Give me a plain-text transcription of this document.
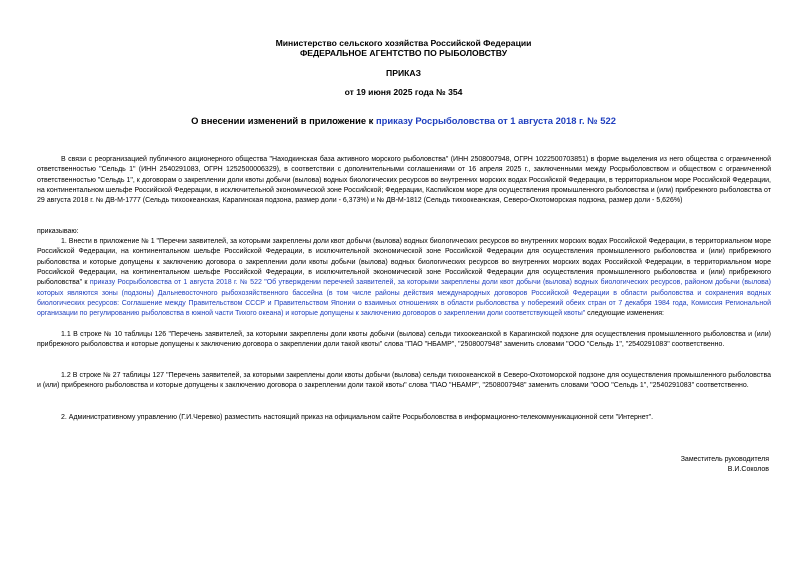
Министерство сельского хозяйства Российской Федерации
ФЕДЕРАЛЬНОЕ АГЕНТСТВО ПО РЫБОЛОВСТВУ
ПРИКАЗ
от 19 июня 2025 года № 354
О внесении изменений в приложение к приказу Росрыболовства от 1 августа 2018 г. № 522
В связи с реорганизацией публичного акционерного общества "Находкинская база активного морского рыболовства" (ИНН 2508007948, ОГРН 1022500703851) в форме выделения из него общества с ограниченной ответственностью "Сельдь 1" (ИНН 2540291083, ОГРН 1252500006329), в соответствии с дополнительными соглашениями от 16 апреля 2025 г., заключенными между Росрыболовством и обществом с ограниченной ответственностью "Сельдь 1", к договорам о закреплении доли квоты добычи (вылова) водных биологических ресурсов во внутренних морских водах Российской Федерации, в территориальном море Российской Федерации, на континентальном шельфе Российской Федерации, в исключительной экономической зоне Российской; Федерации, Каспийском море для осуществления промышленного рыболовства и (или) прибрежного рыболовства от 29 августа 2018 г. № ДВ-М-1777 (Сельдь тихоокеанская, Карагинская подзона, размер доли - 6,373%) и № ДВ-М-1812 (Сельдь тихоокеанская, Северо-Охотоморская подзона, размер доли - 5,626%)
приказываю:
1. Внести в приложение № 1 "Перечни заявителей, за которыми закреплены доли квот добычи (вылова) водных биологических ресурсов во внутренних морских водах Российской Федерации, в территориальном море Российской Федерации, на континентальном шельфе Российской Федерации, в исключительной экономической зоне Российской Федерации для осуществления промышленного рыболовства и (или) прибрежного рыболовства и которые допущены к заключению договора о закреплении доли квоты добычи (вылова) водных биологических ресурсов во внутренних морских водах Российской Федерации, в территориальном море Российской Федерации, на континентальном шельфе Российской Федерации, в исключительной экономической зоне Российской Федерации для осуществления промышленного рыболовства и (или) прибрежного рыболовства" к приказу Росрыболовства от 1 августа 2018 г. № 522 "Об утверждении перечней заявителей, за которыми закреплены доли квот добычи (вылова) водных биологических ресурсов, районом добычи (вылова) которых являются зоны (подзоны) Дальневосточного рыбохозяйственного бассейна (в том числе районы действия международных договоров Российской Федерации в области рыболовства и сохранения водных биологических ресурсов: Соглашение между Правительством СССР и Правительством Японии о взаимных отношениях в области рыболовства у побережий обеих стран от 7 декабря 1984 года, Комиссия Региональной организации по регулированию рыболовства в южной части Тихого океана) и которые допущены к заключению договоров о закреплении доли соответствующей квоты" следующие изменения:
1.1 В строке № 10 таблицы 126 "Перечень заявителей, за которыми закреплены доли квоты добычи (вылова) сельди тихоокеанской в Карагинской подзоне для осуществления промышленного рыболовства и (или) прибрежного рыболовства и которые допущены к заключению договора о закреплении доли такой квоты" слова "ПАО "НБАМР", "2508007948" заменить словами "ООО "Сельдь 1", "2540291083" соответственно.
1.2 В строке № 27 таблицы 127 "Перечень заявителей, за которыми закреплены доли квоты добычи (вылова) сельди тихоокеанской в Северо-Охотоморской подзоне для осуществления промышленного рыболовства и (или) прибрежного рыболовства и которые допущены к заключению договора о закреплении доли такой квоты" слова "ПАО "НБАМР", "2508007948" заменить словами "ООО "Сельдь 1", "2540291083" соответственно.
2. Административному управлению (Г.И.Черевко) разместить настоящий приказ на официальном сайте Росрыболовства в информационно-телекоммуникационной сети "Интернет".
Заместитель руководителя
В.И.Соколов
